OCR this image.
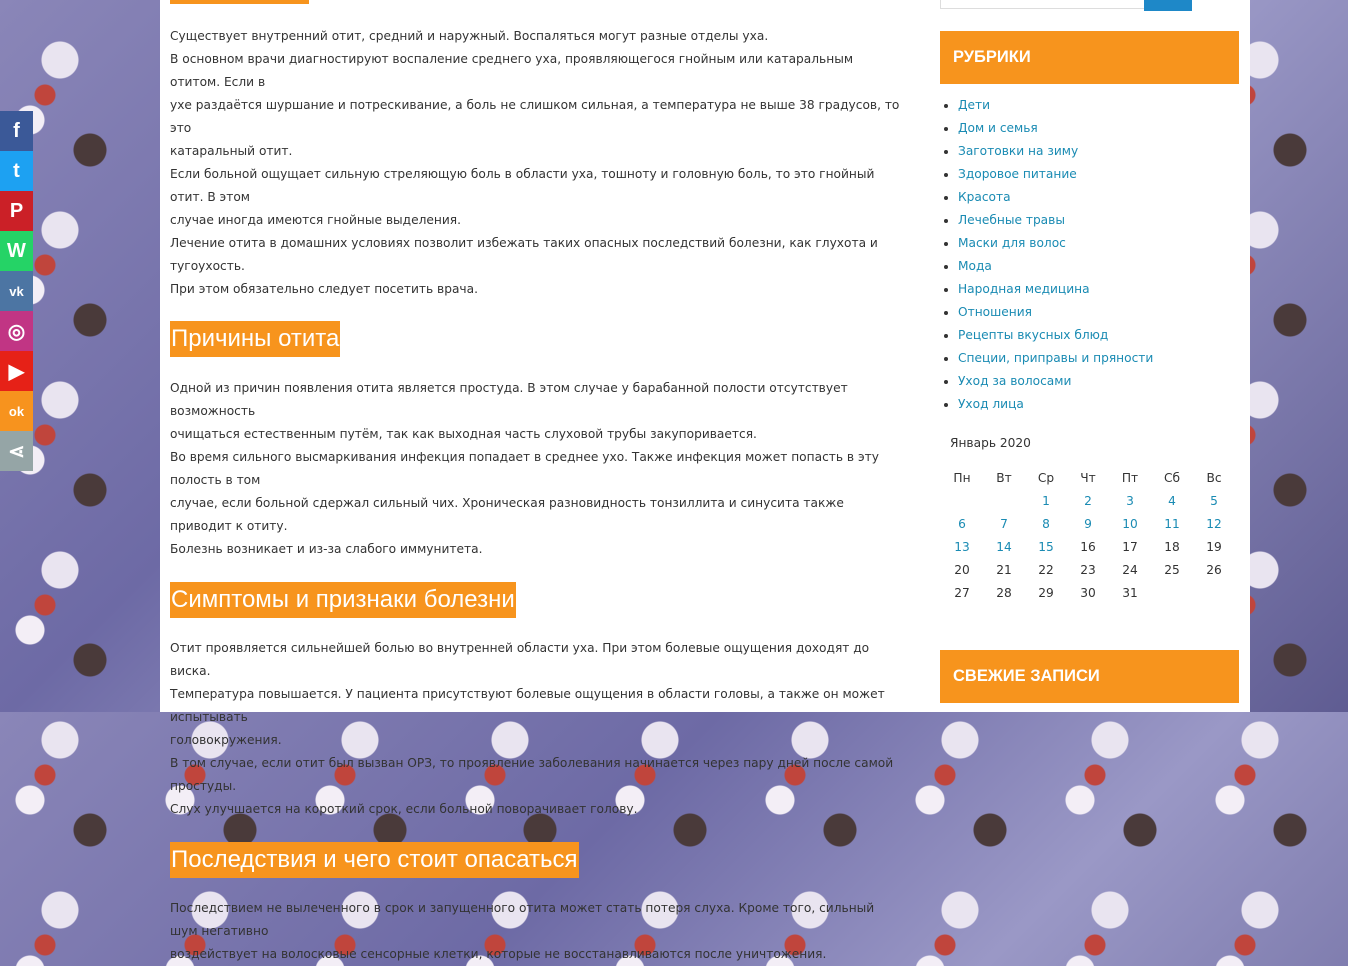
Существует внутренний отит, средний и наружный. Воспаляться могут разные отделы уха.

В основном врачи диагностируют воспаление среднего уха, проявляющегося гнойным или катаральным отитом. Если в

ухе раздаётся шуршание и потрескивание, а боль не слишком сильная, а температура не выше 38 градусов, то это

катаральный отит.

Если больной ощущает сильную стреляющую боль в области уха, тошноту и головную боль, то это гнойный отит. В этом

случае иногда имеются гнойные выделения.

Лечение отита в домашних условиях позволит избежать таких опасных последствий болезни, как глухота и тугоухость.

При этом обязательно следует посетить врача.

Причины отита

Одной из причин появления отита является простуда. В этом случае у барабанной полости отсутствует возможность

очищаться естественным путём, так как выходная часть слуховой трубы закупоривается.

Во время сильного высмаркивания инфекция попадает в среднее ухо. Также инфекция может попасть в эту полость в том

случае, если больной сдержал сильный чих. Хроническая разновидность тонзиллита и синусита также приводит к отиту.

Болезнь возникает и из-за слабого иммунитета.

Симптомы и признаки болезни

Отит проявляется сильнейшей болью во внутренней области уха. При этом болевые ощущения доходят до виска.

Температура повышается. У пациента присутствуют болевые ощущения в области головы, а также он может испытывать

головокружения.

В том случае, если отит был вызван ОРЗ, то проявление заболевания начинается через пару дней после самой простуды.

Слух улучшается на короткий срок, если больной поворачивает голову.

Последствия и чего стоит опасаться

Последствием не вылеченного в срок и запущенного отита может стать потеря слуха. Кроме того, сильный шум негативно

воздействует на волосковые сенсорные клетки, которые не восстанавливаются после уничтожения.

РУБРИКИ
• Дети
• Дом и семья
• Заготовки на зиму
• Здоровое питание
• Красота
• Лечебные травы
• Маски для волос
• Мода
• Народная медицина
• Отношения
• Рецепты вкусных блюд
• Специи, приправы и пряности
• Уход за волосами
• Уход лица
Январь 2020
Пн	Вт	Ср	Чт	Пт	Сб	Вс
		1	2	3	4	5
6	7	8	9	10	11	12
13	14	15	16	17	18	19
20	21	22	23	24	25	26
27	28	29	30	31		
СВЕЖИЕ ЗАПИСИ
f
t
P
W
vk
◎
▶
ok
⋖
